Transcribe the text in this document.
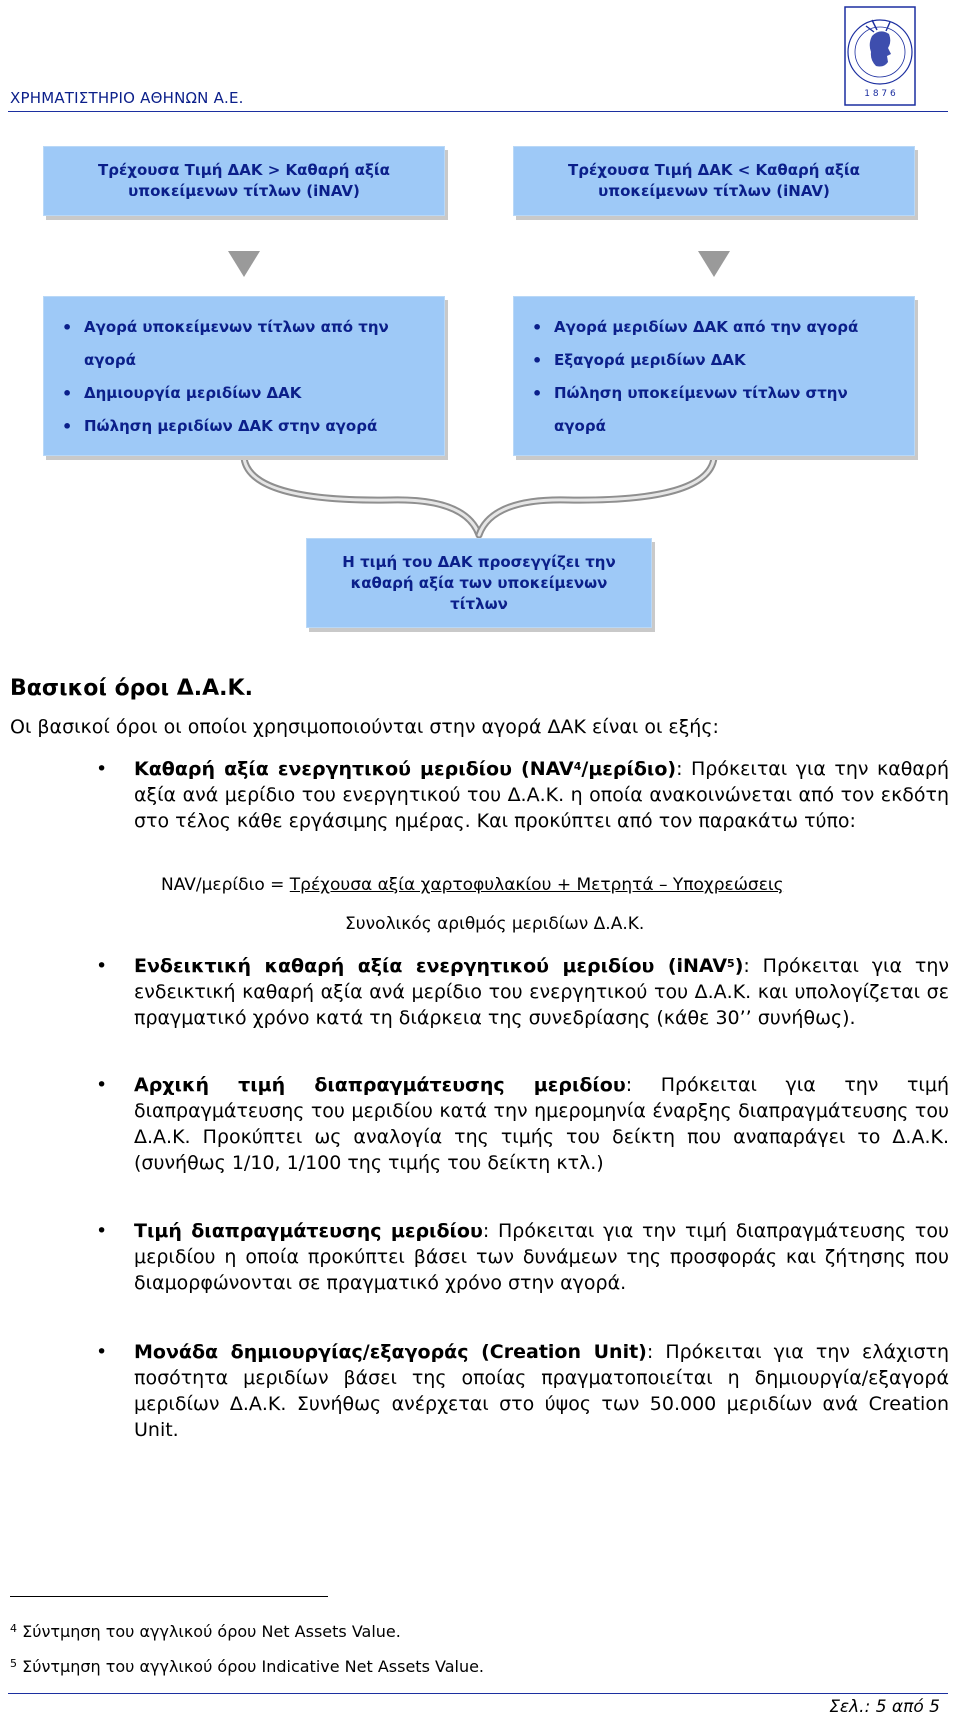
ΧΡΗΜΑΤΙΣΤΗΡΙΟ ΑΘΗΝΩΝ Α.Ε.	1 8 7 6
Τρέχουσα Τιμή ΔΑΚ > Καθαρή αξία
υποκείμενων τίτλων (iNAV)
Τρέχουσα Τιμή ΔΑΚ < Καθαρή αξία
υποκείμενων τίτλων (iNAV)
• Αγορά υποκείμενων τίτλων από την αγορά
• Δημιουργία μεριδίων ΔΑΚ
• Πώληση μεριδίων ΔΑΚ στην αγορά
• Αγορά μεριδίων ΔΑΚ από την αγορά
• Εξαγορά μεριδίων ΔΑΚ
• Πώληση υποκείμενων τίτλων στην αγορά
Η τιμή του ΔΑΚ προσεγγίζει την
καθαρή αξία των υποκείμενων
τίτλων
Βασικοί όροι Δ.Α.Κ.
Οι βασικοί όροι οι οποίοι χρησιμοποιούνται στην αγορά ΔΑΚ είναι οι εξής:
• Καθαρή αξία ενεργητικού μεριδίου (NAV$^4$/μερίδιο): Πρόκειται για την καθαρή αξία ανά μερίδιο του ενεργητικού του Δ.Α.Κ. η οποία ανακοινώνεται από τον εκδότη στο τέλος κάθε εργάσιμης ημέρας. Και προκύπτει από τον παρακάτω τύπο:
NAV/μερίδιο = Τρέχουσα αξία χαρτοφυλακίου + Μετρητά – Υποχρεώσεις
Συνολικός αριθμός μεριδίων Δ.Α.Κ.
• Ενδεικτική καθαρή αξία ενεργητικού μεριδίου (iNAV$^5$): Πρόκειται για την ενδεικτική καθαρή αξία ανά μερίδιο του ενεργητικού του Δ.Α.Κ. και υπολογίζεται σε πραγματικό χρόνο κατά τη διάρκεια της συνεδρίασης (κάθε 30’’ συνήθως).
• Αρχική τιμή διαπραγμάτευσης μεριδίου: Πρόκειται για την τιμή διαπραγμάτευσης του μεριδίου κατά την ημερομηνία έναρξης διαπραγμάτευσης του Δ.Α.Κ. Προκύπτει ως αναλογία της τιμής του δείκτη που αναπαράγει το Δ.Α.Κ. (συνήθως 1/10, 1/100 της τιμής του δείκτη κτλ.)
• Τιμή διαπραγμάτευσης μεριδίου: Πρόκειται για την τιμή διαπραγμάτευσης του μεριδίου η οποία προκύπτει βάσει των δυνάμεων της προσφοράς και ζήτησης που διαμορφώνονται σε πραγματικό χρόνο στην αγορά.
• Μονάδα δημιουργίας/εξαγοράς (Creation Unit): Πρόκειται για την ελάχιστη ποσότητα μεριδίων βάσει της οποίας πραγματοποιείται η δημιουργία/εξαγορά μεριδίων Δ.Α.Κ. Συνήθως ανέρχεται στο ύψος των 50.000 μεριδίων ανά Creation Unit.
$^4$ Σύντμηση του αγγλικού όρου Net Assets Value.
$^5$ Σύντμηση του αγγλικού όρου Indicative Net Assets Value.
Σελ.: 5 από 5
